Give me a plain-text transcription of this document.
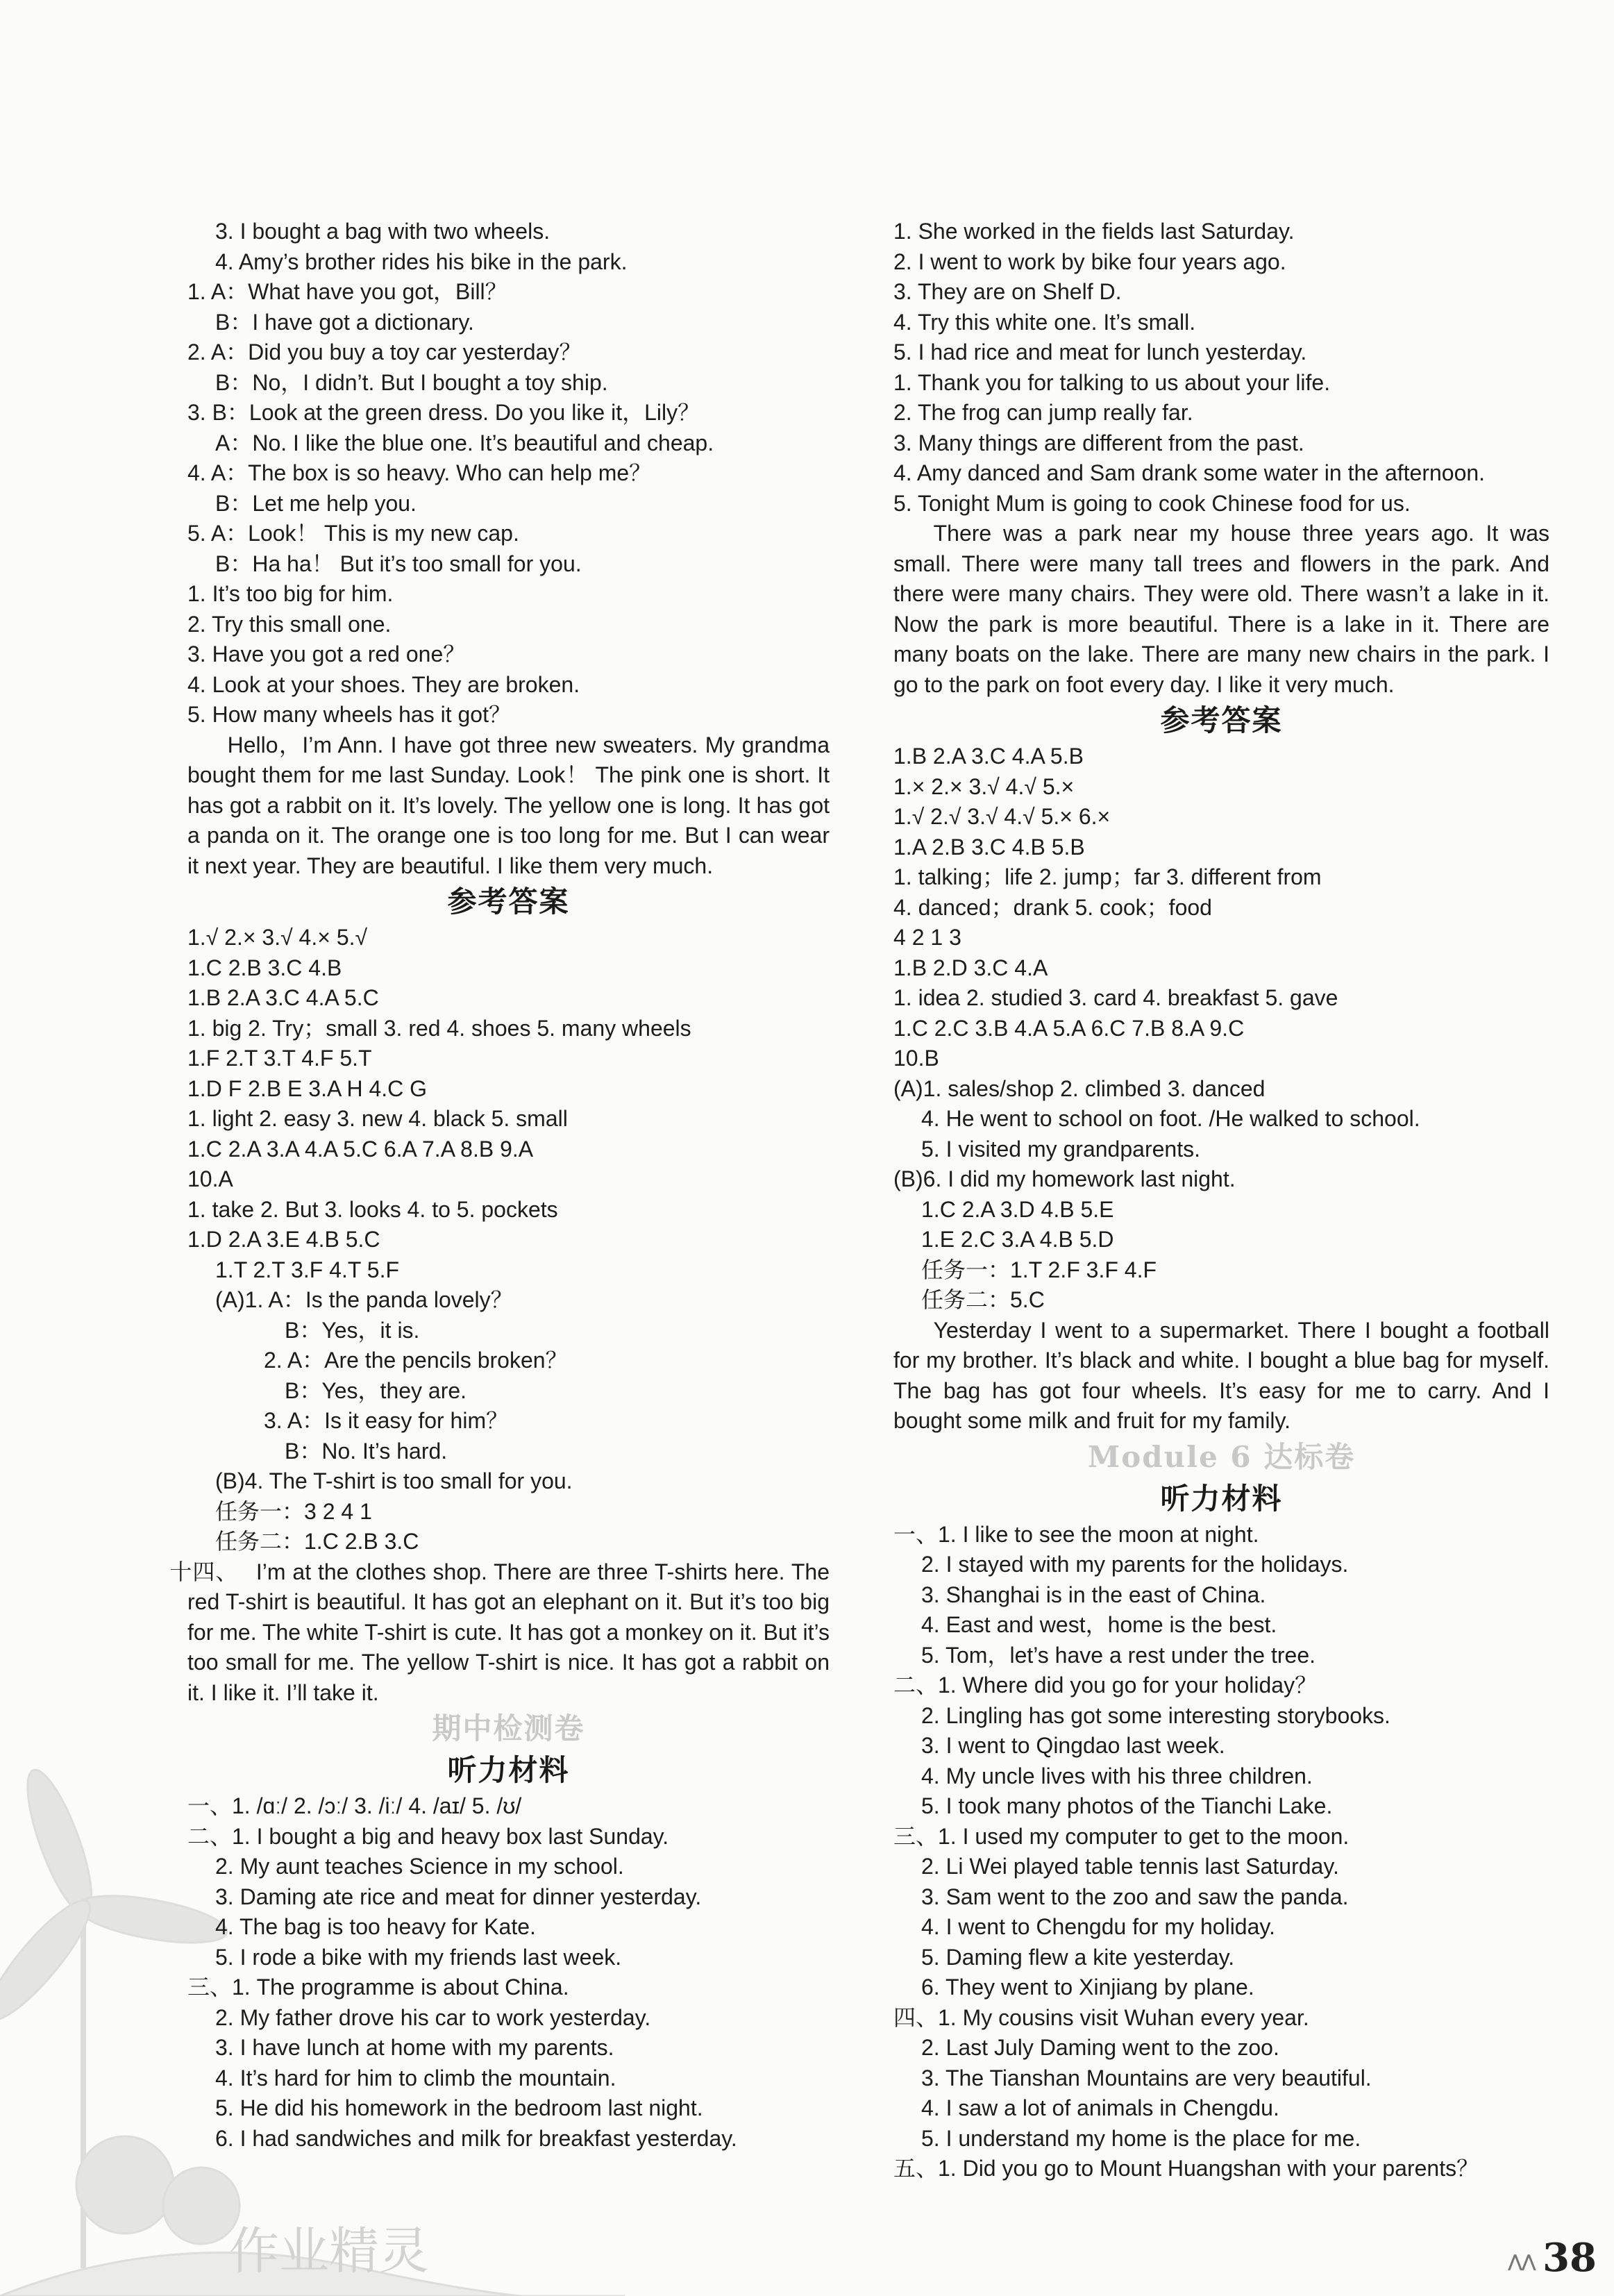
作业精灵
3. I bought a bag with two wheels.
4. Amy’s brother rides his bike in the park.
1. A：What have you got，Bill？
B：I have got a dictionary.
2. A：Did you buy a toy car yesterday？
B：No，I didn’t. But I bought a toy ship.
3. B：Look at the green dress. Do you like it，Lily？
A：No. I like the blue one. It’s beautiful and cheap.
4. A：The box is so heavy. Who can help me？
B：Let me help you.
5. A：Look！ This is my new cap.
B：Ha ha！ But it’s too small for you.
1. It’s too big for him.
2. Try this small one.
3. Have you got a red one？
4. Look at your shoes. They are broken.
5. How many wheels has it got？
Hello，I’m Ann. I have got three new sweaters. My grandma bought them for me last Sunday. Look！ The pink one is short. It has got a rabbit on it. It’s lovely. The yellow one is long. It has got a panda on it. The orange one is too long for me. But I can wear it next year. They are beautiful. I like them very much.
参考答案
1.√ 2.× 3.√ 4.× 5.√
1.C 2.B 3.C 4.B
1.B 2.A 3.C 4.A 5.C
1. big 2. Try；small 3. red 4. shoes 5. many wheels
1.F 2.T 3.T 4.F 5.T
1.D F 2.B E 3.A H 4.C G
1. light 2. easy 3. new 4. black 5. small
1.C 2.A 3.A 4.A 5.C 6.A 7.A 8.B 9.A
10.A
1. take 2. But 3. looks 4. to 5. pockets
1.D 2.A 3.E 4.B 5.C
1.T 2.T 3.F 4.T 5.F
(A)1. A：Is the panda lovely？
B：Yes，it is.
2. A：Are the pencils broken？
B：Yes，they are.
3. A：Is it easy for him？
B：No. It’s hard.
(B)4. The T-shirt is too small for you.
任务一：3 2 4 1
任务二：1.C 2.B 3.C
十四、 I’m at the clothes shop. There are three T-shirts here. The red T-shirt is beautiful. It has got an elephant on it. But it’s too big for me. The white T-shirt is cute. It has got a monkey on it. But it’s too small for me. The yellow T-shirt is nice. It has got a rabbit on it. I like it. I’ll take it.
期中检测卷
听力材料
一、1. /ɑː/ 2. /ɔː/ 3. /iː/ 4. /aɪ/ 5. /ʊ/
二、1. I bought a big and heavy box last Sunday.
2. My aunt teaches Science in my school.
3. Daming ate rice and meat for dinner yesterday.
4. The bag is too heavy for Kate.
5. I rode a bike with my friends last week.
三、1. The programme is about China.
2. My father drove his car to work yesterday.
3. I have lunch at home with my parents.
4. It’s hard for him to climb the mountain.
5. He did his homework in the bedroom last night.
6. I had sandwiches and milk for breakfast yesterday.
1. She worked in the fields last Saturday.
2. I went to work by bike four years ago.
3. They are on Shelf D.
4. Try this white one. It’s small.
5. I had rice and meat for lunch yesterday.
1. Thank you for talking to us about your life.
2. The frog can jump really far.
3. Many things are different from the past.
4. Amy danced and Sam drank some water in the afternoon.
5. Tonight Mum is going to cook Chinese food for us.
There was a park near my house three years ago. It was small. There were many tall trees and flowers in the park. And there were many chairs. They were old. There wasn’t a lake in it. Now the park is more beautiful. There is a lake in it. There are many boats on the lake. There are many new chairs in the park. I go to the park on foot every day. I like it very much.
参考答案
1.B 2.A 3.C 4.A 5.B
1.× 2.× 3.√ 4.√ 5.×
1.√ 2.√ 3.√ 4.√ 5.× 6.×
1.A 2.B 3.C 4.B 5.B
1. talking；life 2. jump；far 3. different from
4. danced；drank 5. cook；food
4 2 1 3
1.B 2.D 3.C 4.A
1. idea 2. studied 3. card 4. breakfast 5. gave
1.C 2.C 3.B 4.A 5.A 6.C 7.B 8.A 9.C
10.B
(A)1. sales/shop 2. climbed 3. danced
4. He went to school on foot. /He walked to school.
5. I visited my grandparents.
(B)6. I did my homework last night.
1.C 2.A 3.D 4.B 5.E
1.E 2.C 3.A 4.B 5.D
任务一：1.T 2.F 3.F 4.F
任务二：5.C
Yesterday I went to a supermarket. There I bought a football for my brother. It’s black and white. I bought a blue bag for myself. The bag has got four wheels. It’s easy for me to carry. And I bought some milk and fruit for my family.
Module 6 达标卷
听力材料
一、1. I like to see the moon at night.
2. I stayed with my parents for the holidays.
3. Shanghai is in the east of China.
4. East and west，home is the best.
5. Tom，let’s have a rest under the tree.
二、1. Where did you go for your holiday？
2. Lingling has got some interesting storybooks.
3. I went to Qingdao last week.
4. My uncle lives with his three children.
5. I took many photos of the Tianchi Lake.
三、1. I used my computer to get to the moon.
2. Li Wei played table tennis last Saturday.
3. Sam went to the zoo and saw the panda.
4. I went to Chengdu for my holiday.
5. Daming flew a kite yesterday.
6. They went to Xinjiang by plane.
四、1. My cousins visit Wuhan every year.
2. Last July Daming went to the zoo.
3. The Tianshan Mountains are very beautiful.
4. I saw a lot of animals in Chengdu.
5. I understand my home is the place for me.
五、1. Did you go to Mount Huangshan with your parents？
⋀⋀ 38
